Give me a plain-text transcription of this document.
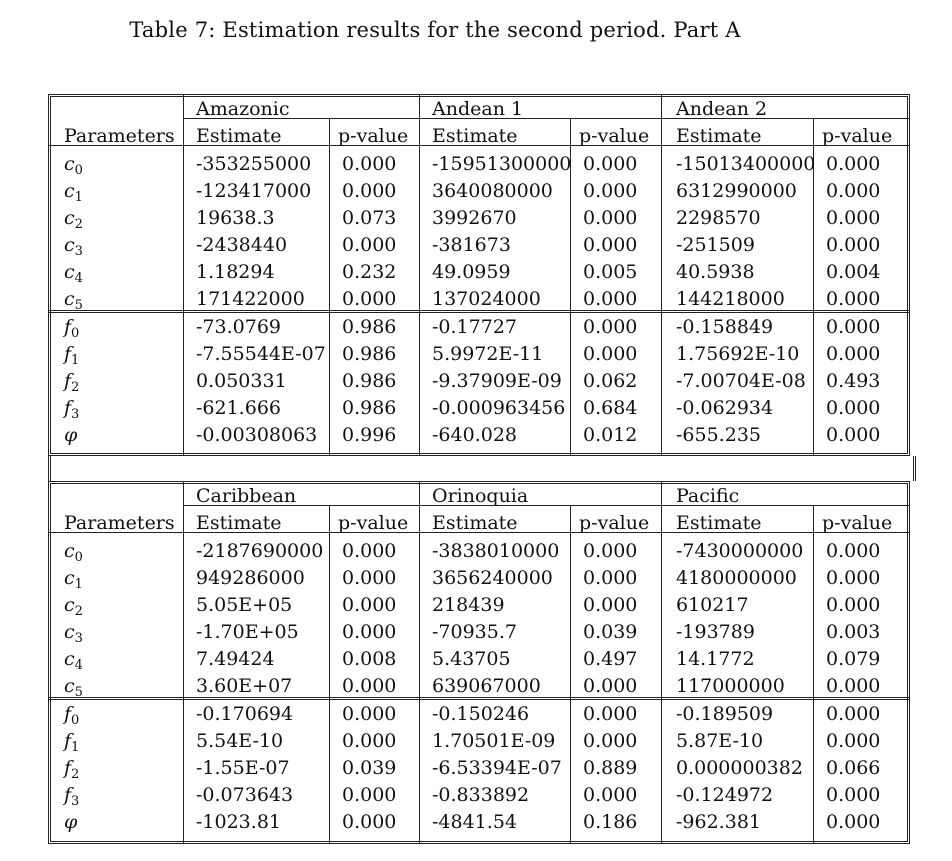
Table 7: Estimation results for the second period. Part A
Amazonic	Andean 1	Andean 2
Parameters Estimate	p-value Estimate	p-value Estimate	p-value
$c_0$	-353255000 0.000 -15951300000 0.000 -15013400000 0.000
$c_1$	-123417000 0.000 3640080000 0.000 6312990000 0.000
$c_2$	19638.3	0.073 3992670	0.000 2298570	0.000
$c_3$	-2438440	0.000 -381673	0.000 -251509	0.000
$c_4$	1.18294	0.232 49.0959	0.005 40.5938	0.004
$c_5$	171422000 0.000 137024000 0.000 144218000 0.000
$f_0$	-73.0769	0.986 -0.17727	0.000 -0.158849	0.000
$f_1$	-7.55544E-07 0.986 5.9972E-11 0.000 1.75692E-10 0.000
$f_2$	0.050331	0.986 -9.37909E-09 0.062 -7.00704E-08 0.493
$f_3$	-621.666	0.986 -0.000963456 0.684 -0.062934	0.000
φ	-0.00308063 0.996 -640.028	0.012 -655.235	0.000
Caribbean	Orinoquia	Pacific
Parameters Estimate	p-value Estimate	p-value Estimate	p-value
$c_0$	-2187690000 0.000 -3838010000 0.000 -7430000000 0.000
$c_1$	949286000 0.000 3656240000 0.000 4180000000 0.000
$c_2$	5.05E+05	0.000 218439	0.000 610217	0.000
$c_3$	-1.70E+05 0.000 -70935.7	0.039 -193789	0.003
$c_4$	7.49424	0.008 5.43705	0.497 14.1772	0.079
$c_5$	3.60E+07	0.000 639067000 0.000 117000000 0.000
$f_0$	-0.170694	0.000 -0.150246	0.000 -0.189509	0.000
$f_1$	5.54E-10	0.000 1.70501E-09 0.000 5.87E-10	0.000
$f_2$	-1.55E-07	0.039 -6.53394E-07 0.889 0.000000382 0.066
$f_3$	-0.073643	0.000 -0.833892	0.000 -0.124972	0.000
φ	-1023.81	0.000 -4841.54	0.186 -962.381	0.000
